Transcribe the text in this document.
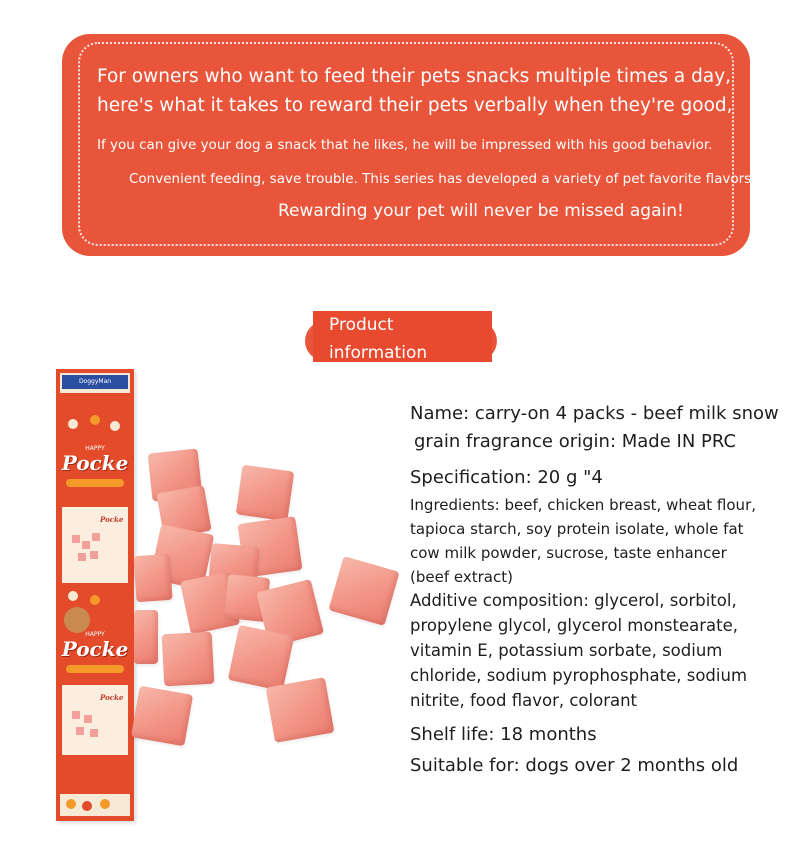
For owners who want to feed their pets snacks multiple times a day,
here's what it takes to reward their pets verbally when they're good,
If you can give your dog a snack that he likes, he will be impressed with his good behavior.
Convenient feeding, save trouble. This series has developed a variety of pet favorite flavors,
Rewarding your pet will never be missed again!
Product
information
DoggyMan
HAPPY
Pocke
Pocke
HAPPY
Pocke
Pocke
Name: carry-on 4 packs - beef milk snow
grain fragrance origin: Made IN PRC
Specification: 20 g "4
Ingredients: beef, chicken breast, wheat flour,
tapioca starch, soy protein isolate, whole fat
cow milk powder, sucrose, taste enhancer
(beef extract)
Additive composition: glycerol, sorbitol,
propylene glycol, glycerol monstearate,
vitamin E, potassium sorbate, sodium
chloride, sodium pyrophosphate, sodium
nitrite, food flavor, colorant
Shelf life: 18 months
Suitable for: dogs over 2 months old
